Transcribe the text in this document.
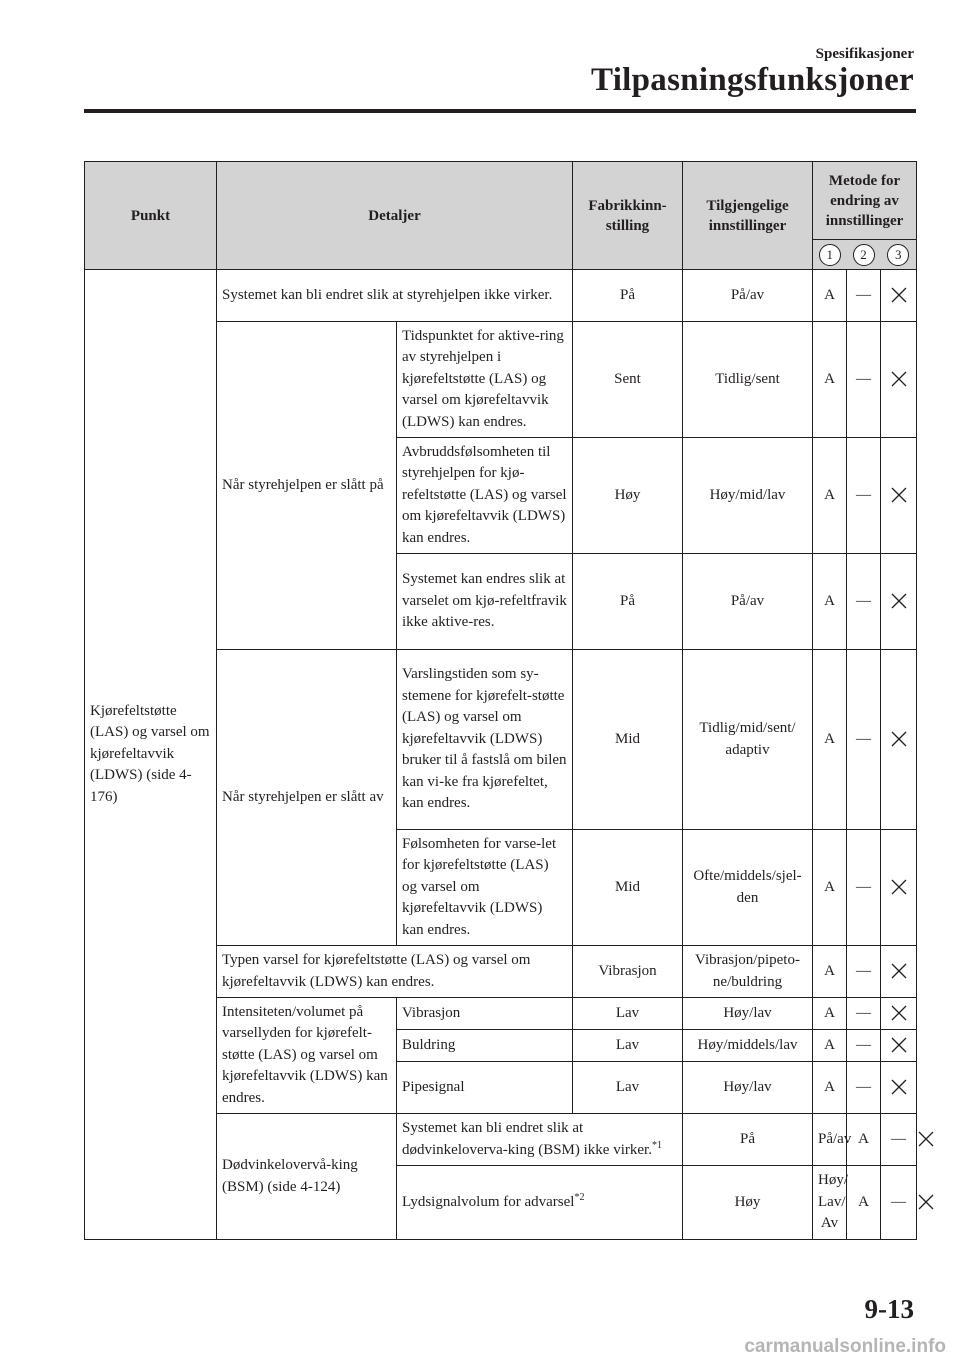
Spesifikasjoner
Tilpasningsfunksjoner
Punkt	Detaljer		Fabrikkinn-stilling	Tilgjengelige innstillinger	Metode for endring av innstillinger			
					1	2	3	
Kjørefeltstøtte (LAS) og varsel om kjørefeltavvik (LDWS) (side 4-176)	Systemet kan bli endret slik at styrehjelpen ikke virker.		På	På/av	A	—	
	Når styrehjelpen er slått på	Tidspunktet for aktive-ring av styrehjelpen i kjørefeltstøtte (LAS) og varsel om kjørefeltavvik (LDWS) kan endres.	Sent	Tidlig/sent	A	—	
		Avbruddsfølsomheten til styrehjelpen for kjø-refeltstøtte (LAS) og varsel om kjørefeltavvik (LDWS) kan endres.	Høy	Høy/mid/lav	A	—	
		Systemet kan endres slik at varselet om kjø-refeltfravik ikke aktive-res.	På	På/av	A	—	
	Når styrehjelpen er slått av	Varslingstiden som sy-stemene for kjørefelt-støtte (LAS) og varsel om kjørefeltavvik (LDWS) bruker til å fastslå om bilen kan vi-ke fra kjørefeltet, kan endres.	Mid	Tidlig/mid/sent/ adaptiv	A	—	
		Følsomheten for varse-let for kjørefeltstøtte (LAS) og varsel om kjørefeltavvik (LDWS) kan endres.	Mid	Ofte/middels/sjel-den	A	—	
	Typen varsel for kjørefeltstøtte (LAS) og varsel om kjørefeltavvik (LDWS) kan endres.		Vibrasjon	Vibrasjon/pipeto-ne/buldring	A	—	
	Intensiteten/volumet på varsellyden for kjørefelt-støtte (LAS) og varsel om kjørefeltavvik (LDWS) kan endres.	Vibrasjon	Lav	Høy/lav	A	—	
		Buldring	Lav	Høy/middels/lav	A	—	
		Pipesignal	Lav	Høy/lav	A	—	
	Dødvinkelovervå-king (BSM) (side 4-124)	Systemet kan bli endret slik at dødvinkeloverva-king (BSM) ikke virker.$^{*1}$		På	På/av	A	—	
		Lydsignalvolum for advarsel$^{*2}$		Høy	Høy/ Lav/ Av	A	—	
9-13
carmanualsonline.info
